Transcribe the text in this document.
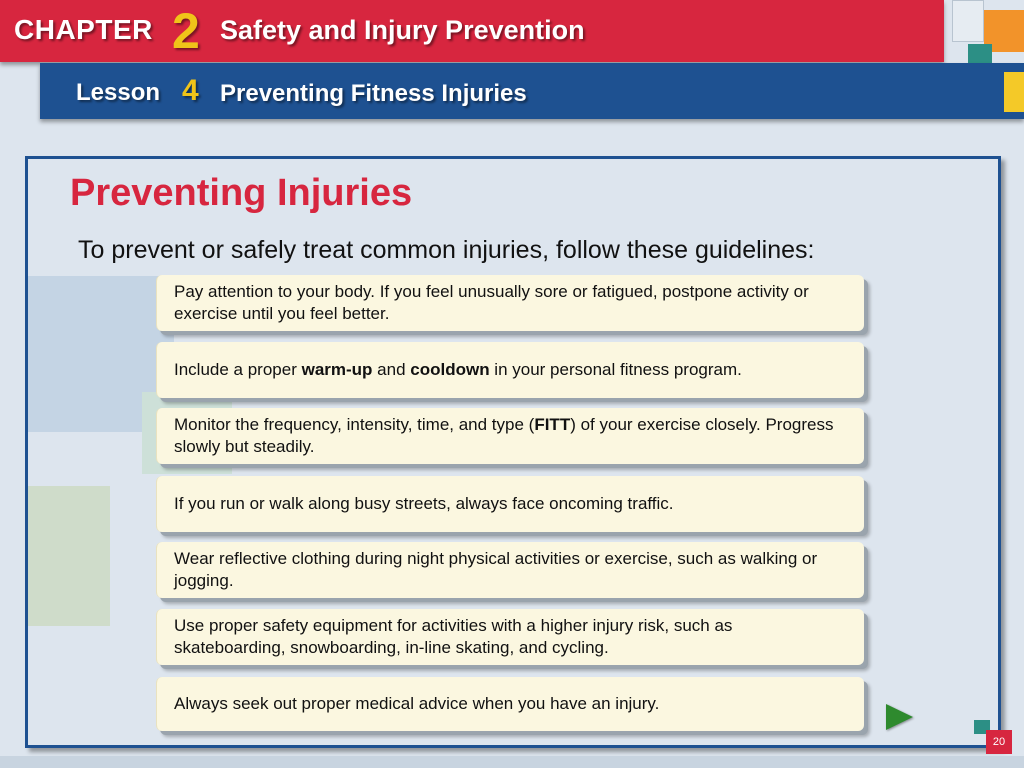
CHAPTER 2 Safety and Injury Prevention
Lesson 4 Preventing Fitness Injuries
Preventing Injuries
To prevent or safely treat common injuries, follow these guidelines:
Pay attention to your body. If you feel unusually sore or fatigued, postpone activity or exercise until you feel better.
Include a proper warm-up and cooldown in your personal fitness program.
Monitor the frequency, intensity, time, and type (FITT) of your exercise closely. Progress slowly but steadily.
If you run or walk along busy streets, always face oncoming traffic.
Wear reflective clothing during night physical activities or exercise, such as walking or jogging.
Use proper safety equipment for activities with a higher injury risk, such as skateboarding, snowboarding, in-line skating, and cycling.
Always seek out proper medical advice when you have an injury.
20
